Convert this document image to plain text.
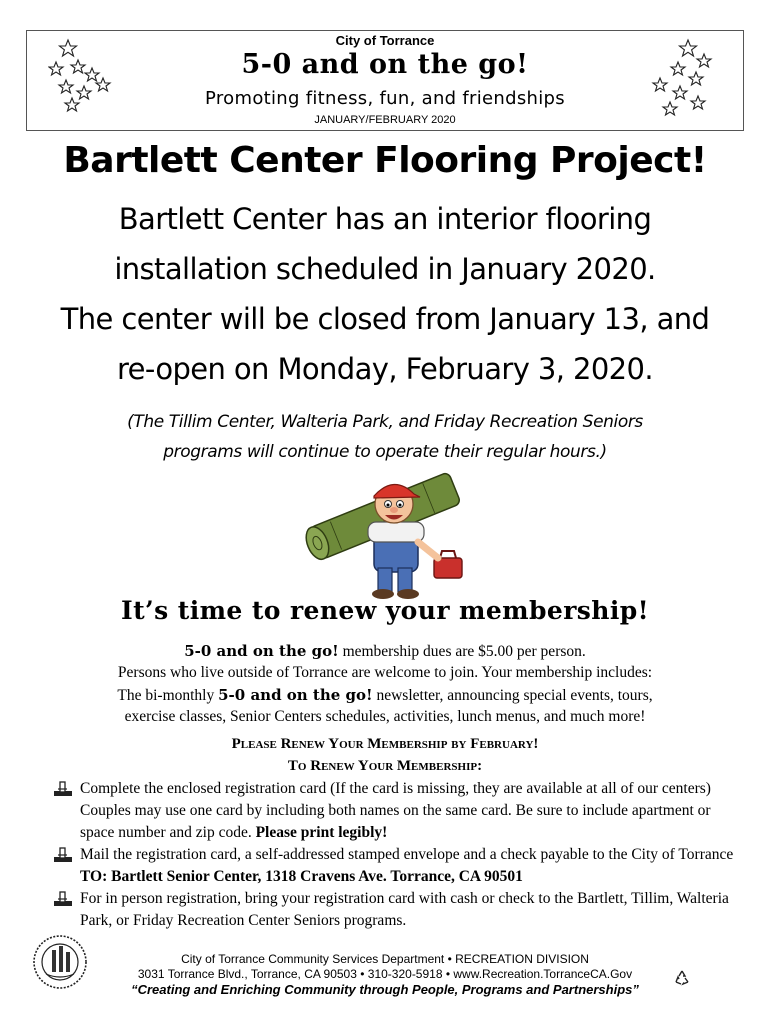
City of Torrance
5-0 and on the go!
Promoting fitness, fun, and friendships
JANUARY/FEBRUARY 2020
Bartlett Center Flooring Project!
Bartlett Center has an interior flooring
installation scheduled in January 2020.
The center will be closed from January 13, and
re-open on Monday, February 3, 2020.
(The Tillim Center, Walteria Park, and Friday Recreation Seniors
programs will continue to operate their regular hours.)
It’s time to renew your membership!
5-0 and on the go! membership dues are $5.00 per person.
Persons who live outside of Torrance are welcome to join. Your membership includes:
The bi-monthly 5-0 and on the go! newsletter, announcing special events, tours,
exercise classes, Senior Centers schedules, activities, lunch menus, and much more!
Please Renew Your Membership by February!
To Renew Your Membership:
Complete the enclosed registration card (If the card is missing, they are available at all of our centers) Couples may use one card by including both names on the same card. Be sure to include apartment or space number and zip code. Please print legibly!
Mail the registration card, a self-addressed stamped envelope and a check payable to the City of Torrance TO: Bartlett Senior Center, 1318 Cravens Ave. Torrance, CA 90501
For in person registration, bring your registration card with cash or check to the Bartlett, Tillim, Walteria Park, or Friday Recreation Center Seniors programs.
City of Torrance Community Services Department • RECREATION DIVISION
3031 Torrance Blvd., Torrance, CA 90503 • 310-320-5918 • www.Recreation.TorranceCA.Gov
“Creating and Enriching Community through People, Programs and Partnerships”
